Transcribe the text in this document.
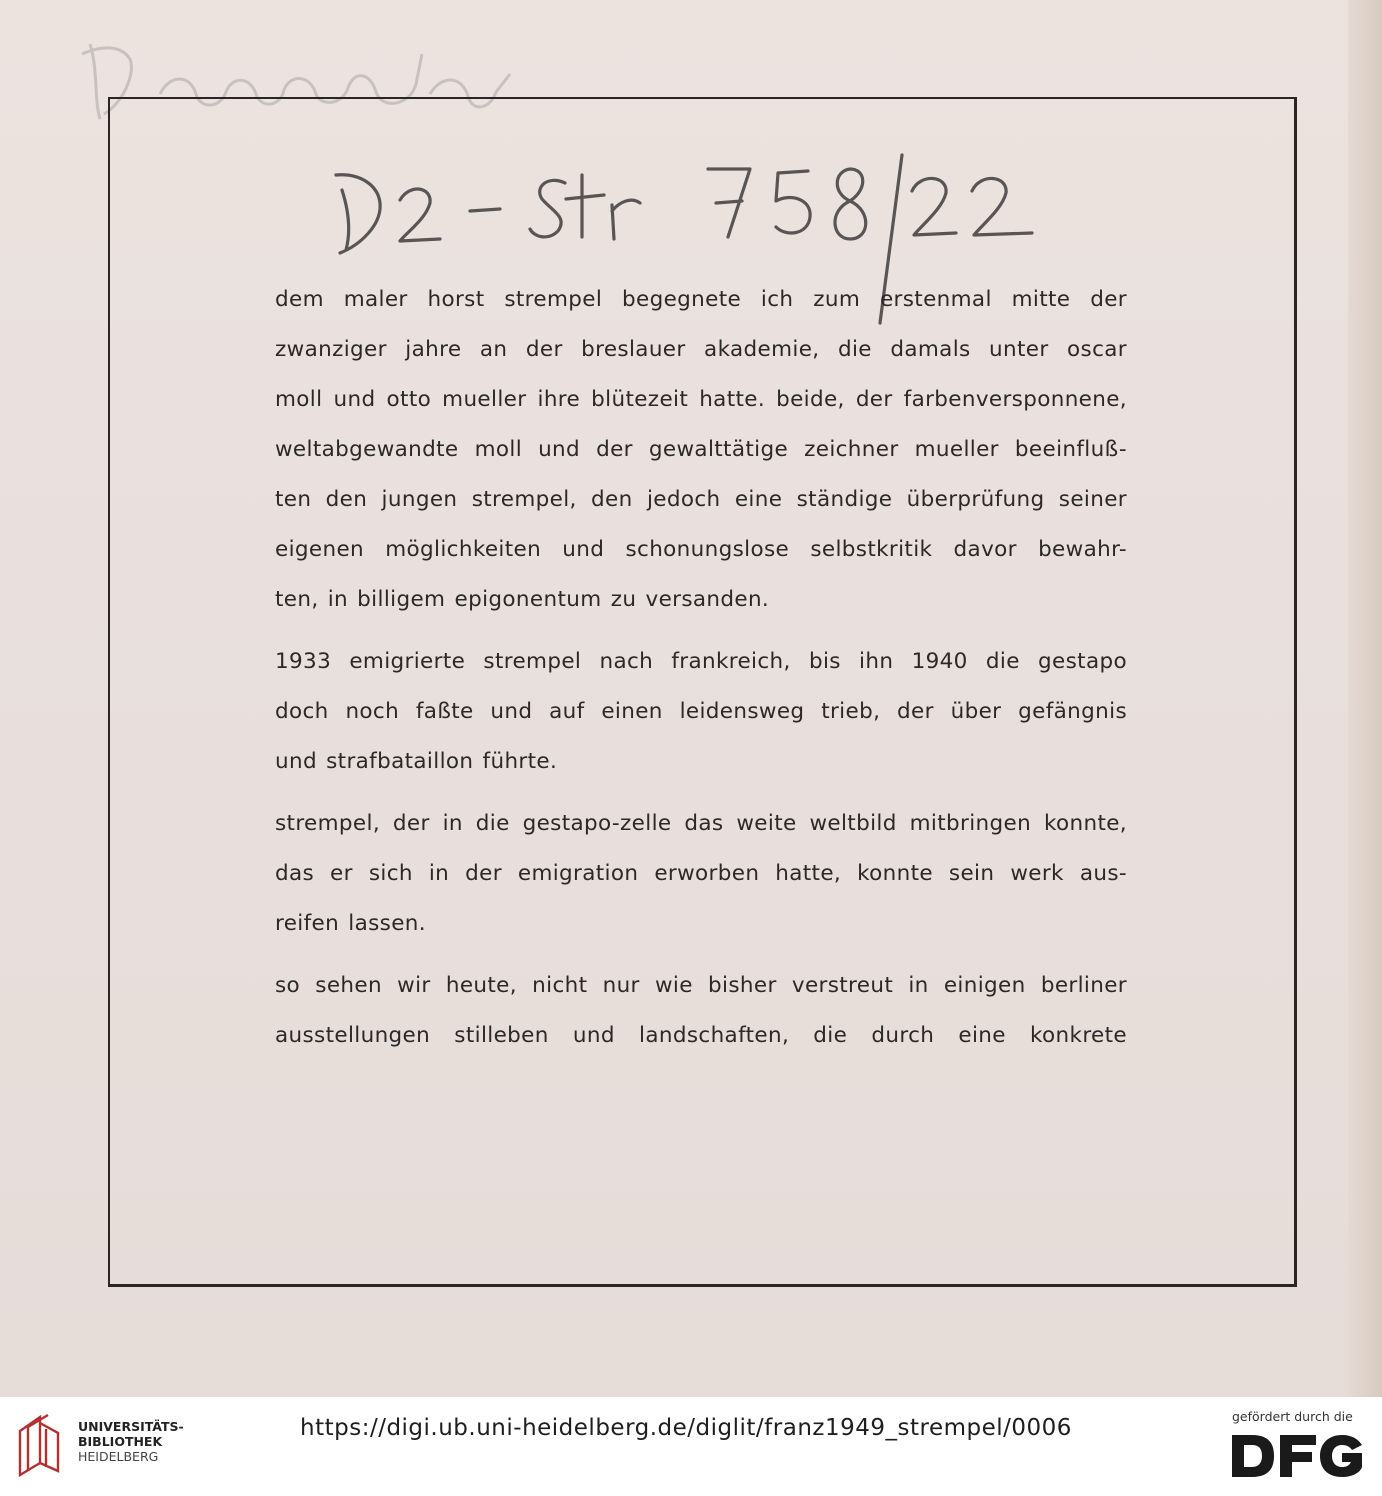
dem maler horst strempel begegnete ich zum erstenmal mitte der
zwanziger jahre an der breslauer akademie, die damals unter oscar
moll und otto mueller ihre blütezeit hatte. beide, der farbenversponnene,
weltabgewandte moll und der gewalttätige zeichner mueller beeinfluß-
ten den jungen strempel, den jedoch eine ständige überprüfung seiner
eigenen möglichkeiten und schonungslose selbstkritik davor bewahr-
ten, in billigem epigonentum zu versanden.
1933 emigrierte strempel nach frankreich, bis ihn 1940 die gestapo
doch noch faßte und auf einen leidensweg trieb, der über gefängnis
und strafbataillon führte.
strempel, der in die gestapo-zelle das weite weltbild mitbringen konnte,
das er sich in der emigration erworben hatte, konnte sein werk aus-
reifen lassen.
so sehen wir heute, nicht nur wie bisher verstreut in einigen berliner
ausstellungen stilleben und landschaften, die durch eine konkrete
UNIVERSITÄTS-
BIBLIOTHEK
HEIDELBERG
https://digi.ub.uni-heidelberg.de/diglit/franz1949_strempel/0006	gefördert durch die
